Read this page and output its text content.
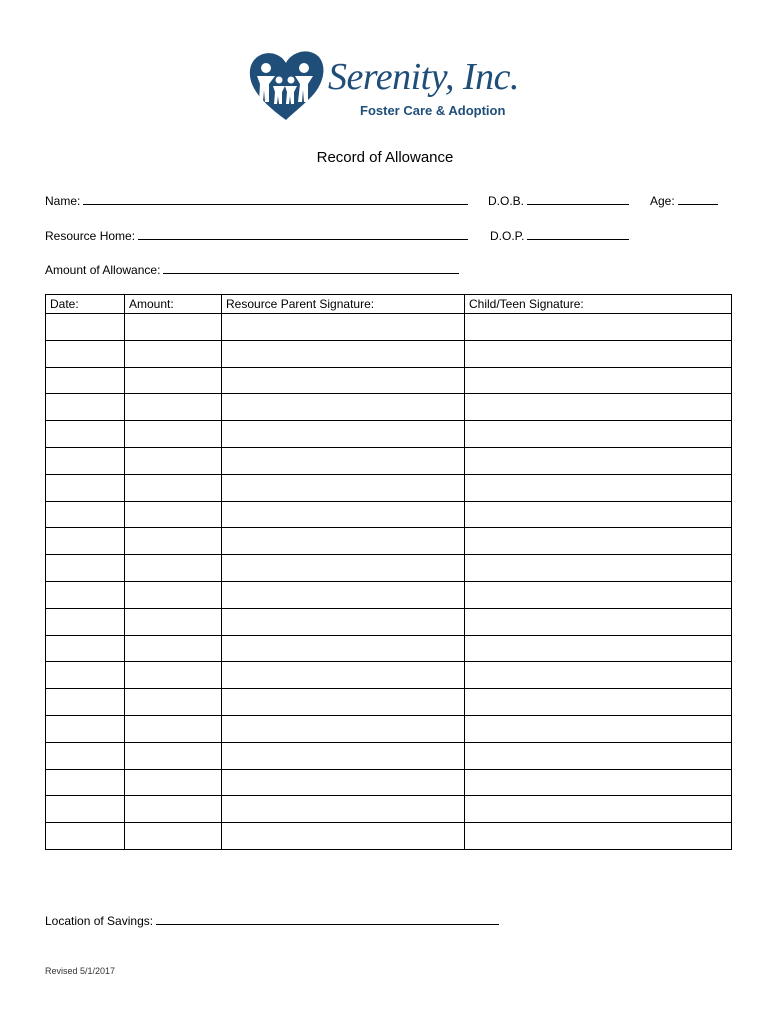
Serenity, Inc.
Foster Care & Adoption
Record of Allowance
Name:	D.O.B.	Age:
Resource Home:	D.O.P.
Amount of Allowance:
Date:	Amount:	Resource Parent Signature:	Child/Teen Signature:

Location of Savings:
Revised 5/1/2017
